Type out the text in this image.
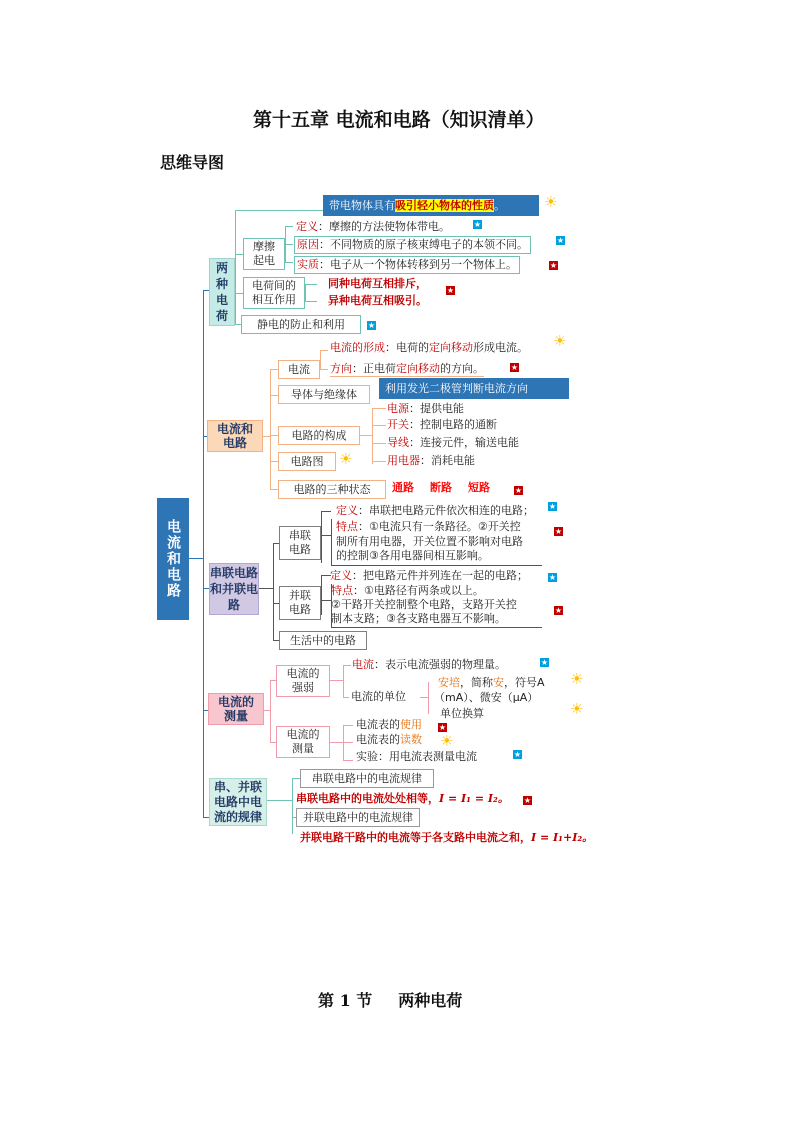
第十五章 电流和电路（知识清单）
思维导图
电流和电路
两种电荷
带电物体具有吸引轻小物体的性质。	☀
摩擦起电
定义：摩擦的方法使物体带电。	★
原因：不同物质的原子核束缚电子的本领不同。	★
实质：电子从一个物体转移到另一个物体上。	★
电荷间的相互作用
同种电荷互相排斥，
异种电荷互相吸引。
★
静电的防止和利用	★
电流和电路
电流的形成：电荷的定向移动形成电流。 ☀
电流	方向：正电荷定向移动的方向。	★
导体与绝缘体	利用发光二极管判断电流方向
电路的构成
电源：提供电能
开关：控制电路的通断
导线：连接元件，输送电能
用电器：消耗电能
电路图	☀
电路的三种状态	通路 断路 短路	★
串联电路和并联电路
串联电路
定义：串联把电路元件依次相连的电路； ★
特点：①电流只有一条路径。②开关控
制所有用电器，开关位置不影响对电路
的控制③各用电器间相互影响。
★
并联电路
定义：把电路元件并列连在一起的电路；	★
特点：①电路径有两条或以上。
②干路开关控制整个电路，支路开关控
制本支路；③各支路电器互不影响。
★
生活中的电路
电流的测量
电流的强弱
电流：表示电流强弱的物理量。	★
电流的单位
安培，简称安，符号A
（mA）、微安（μA）
单位换算
☀
☀
电流的测量
电流表的使用 ★
电流表的读数 ☀
实验：用电流表测量电流	★
串、并联电路中电流的规律
串联电路中的电流规律
串联电路中的电流处处相等，I = I₁ = I₂。 ★
并联电路中的电流规律
并联电路干路中的电流等于各支路中电流之和，I = I₁+I₂。
第 1 节 两种电荷
